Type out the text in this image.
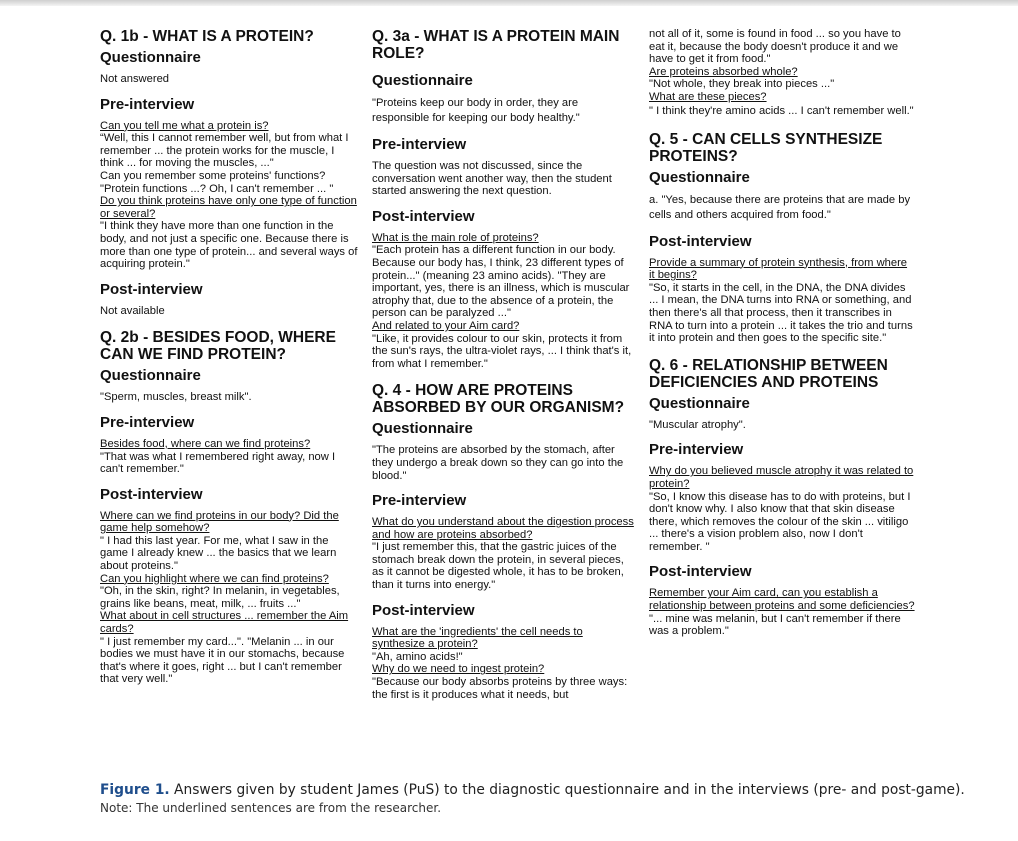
Q. 1b - WHAT IS A PROTEIN?
Questionnaire

Not answered

Pre-interview

Can you tell me what a protein is?

“Well, this I cannot remember well, but from what I remember ... the protein works for the muscle, I think ... for moving the muscles, ..."

Can you remember some proteins' functions?

"Protein functions ...? Oh, I can't remember ... "

Do you think proteins have only one type of function or several?

"I think they have more than one function in the body, and not just a specific one. Because there is more than one type of protein... and several ways of acquiring protein."

Post-interview

Not available

Q. 2b - BESIDES FOOD, WHERE CAN WE FIND PROTEIN?
Questionnaire

"Sperm, muscles, breast milk".

Pre-interview

Besides food, where can we find proteins?

"That was what I remembered right away, now I can't remember."

Post-interview

Where can we find proteins in our body? Did the game help somehow?

" I had this last year. For me, what I saw in the game I already knew ... the basics that we learn about proteins."

Can you highlight where we can find proteins?

"Oh, in the skin, right? In melanin, in vegetables, grains like beans, meat, milk, ... fruits ..."

What about in cell structures ... remember the Aim cards?

" I just remember my card...". "Melanin ... in our bodies we must have it in our stomachs, because that's where it goes, right ... but I can't remember that very well."

Q. 3a - WHAT IS A PROTEIN MAIN ROLE?
Questionnaire

"Proteins keep our body in order, they are responsible for keeping our body healthy."

Pre-interview

The question was not discussed, since the conversation went another way, then the student started answering the next question.

Post-interview

What is the main role of proteins?

"Each protein has a different function in our body. Because our body has, I think, 23 different types of protein..." (meaning 23 amino acids). "They are important, yes, there is an illness, which is muscular atrophy that, due to the absence of a protein, the person can be paralyzed ..."

And related to your Aim card?

"Like, it provides colour to our skin, protects it from the sun's rays, the ultra-violet rays, ... I think that's it, from what I remember."

Q. 4 - HOW ARE PROTEINS ABSORBED BY OUR ORGANISM?
Questionnaire

"The proteins are absorbed by the stomach, after they undergo a break down so they can go into the blood."

Pre-interview

What do you understand about the digestion process and how are proteins absorbed?

"I just remember this, that the gastric juices of the stomach break down the protein, in several pieces, as it cannot be digested whole, it has to be broken, than it turns into energy."

Post-interview

What are the 'ingredients' the cell needs to synthesize a protein?

"Ah, amino acids!"

Why do we need to ingest protein?

"Because our body absorbs proteins by three ways: the first is it produces what it needs, but

not all of it, some is found in food ... so you have to eat it, because the body doesn't produce it and we have to get it from food."

Are proteins absorbed whole?

"Not whole, they break into pieces ..."

What are these pieces?

" I think they're amino acids ... I can't remember well."

Q. 5 - CAN CELLS SYNTHESIZE PROTEINS?
Questionnaire

a. "Yes, because there are proteins that are made by cells and others acquired from food."

Post-interview

Provide a summary of protein synthesis, from where it begins?

"So, it starts in the cell, in the DNA, the DNA divides ... I mean, the DNA turns into RNA or something, and then there's all that process, then it transcribes in RNA to turn into a protein ... it takes the trio and turns it into protein and then goes to the specific site."

Q. 6 - RELATIONSHIP BETWEEN DEFICIENCIES AND PROTEINS
Questionnaire

"Muscular atrophy".

Pre-interview

Why do you believed muscle atrophy it was related to protein?

"So, I know this disease has to do with proteins, but I don't know why. I also know that that skin disease there, which removes the colour of the skin ... vitiligo ... there's a vision problem also, now I don't remember. "

Post-interview

Remember your Aim card, can you establish a relationship between proteins and some deficiencies?

"... mine was melanin, but I can't remember if there was a problem."

Figure 1. Answers given by student James (PuS) to the diagnostic questionnaire and in the interviews (pre- and post-game).

Note: The underlined sentences are from the researcher.
